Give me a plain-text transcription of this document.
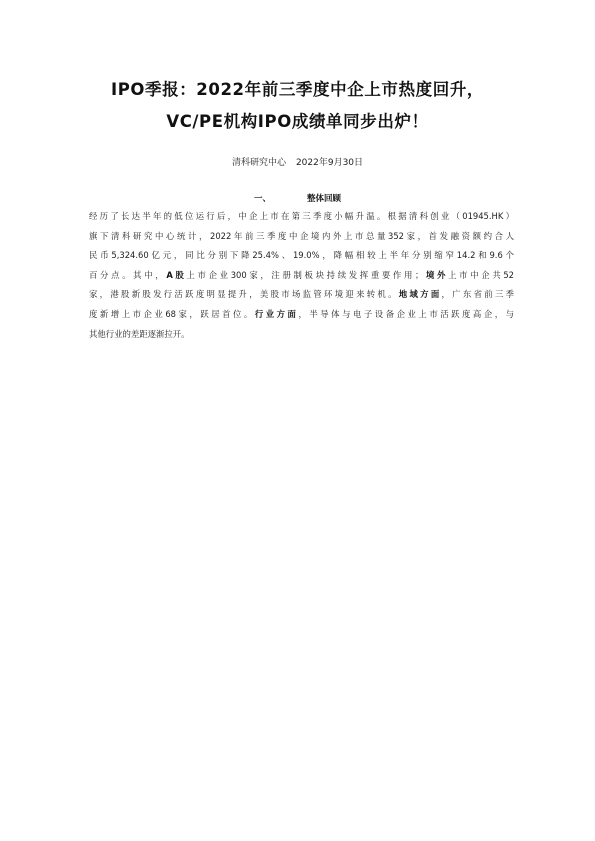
IPO季报：2022年前三季度中企上市热度回升，
VC/PE机构IPO成绩单同步出炉！
清科研究中心 2022年9月30日
一、	整体回顾
经历了长达半年的低位运行后，中企上市在第三季度小幅升温。根据清科创业（01945.HK）
旗下清科研究中心统计，2022年前三季度中企境内外上市总量352家，首发融资额约合人
民币5,324.60亿元，同比分别下降25.4%、19.0%，降幅相较上半年分别缩窄14.2和9.6个
百分点。其中，A股上市企业300家，注册制板块持续发挥重要作用；境外上市中企共52
家，港股新股发行活跃度明显提升，美股市场监管环境迎来转机。地域方面，广东省前三季
度新增上市企业68家，跃居首位。行业方面，半导体与电子设备企业上市活跃度高企，与
其他行业的差距逐渐拉开。
